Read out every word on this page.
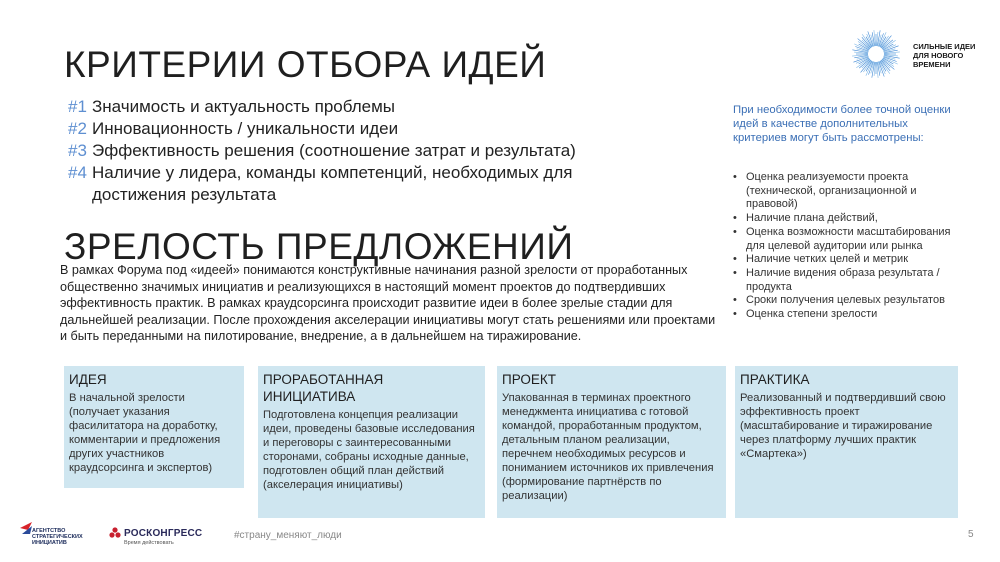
КРИТЕРИИ ОТБОРА ИДЕЙ	СИЛЬНЫЕ ИДЕИ
ДЛЯ НОВОГО
ВРЕМЕНИ
#1 Значимость и актуальность проблемы
#2 Инновационность / уникальности идеи
#3 Эффективность решения (соотношение затрат и результата)
#4 Наличие у лидера, команды компетенций, необходимых для достижения результата
При необходимости более точной оценки идей в качестве дополнительных критериев могут быть рассмотрены:
• Оценка реализуемости проекта (технической, организационной и правовой)
• Наличие плана действий,
• Оценка возможности масштабирования для целевой аудитории или рынка
• Наличие четких целей и метрик
• Наличие видения образа результата / продукта
• Сроки получения целевых результатов
• Оценка степени зрелости
ЗРЕЛОСТЬ ПРЕДЛОЖЕНИЙ
В рамках Форума под «идеей» понимаются конструктивные начинания разной зрелости от проработанных общественно значимых инициатив и реализующихся в настоящий момент проектов до подтвердивших эффективность практик. В рамках краудсорсинга происходит развитие идеи в более зрелые стадии для дальнейшей реализации. После прохождения акселерации инициативы могут стать решениями или проектами и быть переданными на пилотирование, внедрение, а в дальнейшем на тиражирование.
ИДЕЯ
В начальной зрелости (получает указания фасилитатора на доработку, комментарии и предложения других участников краудсорсинга и экспертов)
ПРОРАБОТАННАЯ ИНИЦИАТИВА
Подготовлена концепция реализации идеи, проведены базовые исследования и переговоры с заинтересованными сторонами, собраны исходные данные, подготовлен общий план действий (акселерация инициативы)
ПРОЕКТ
Упакованная в терминах проектного менеджмента инициатива с готовой командой, проработанным продуктом, детальным планом реализации, перечнем необходимых ресурсов и пониманием источников их привлечения (формирование партнёрств по реализации)
ПРАКТИКА
Реализованный и подтвердивший свою эффективность проект (масштабирование и тиражирование через платформу лучших практик «Смартека»)
АГЕНТСТВО
СТРАТЕГИЧЕСКИХ
ИНИЦИАТИВ
РОСКОНГРЕСС
Время действовать
#страну_меняют_люди	5
